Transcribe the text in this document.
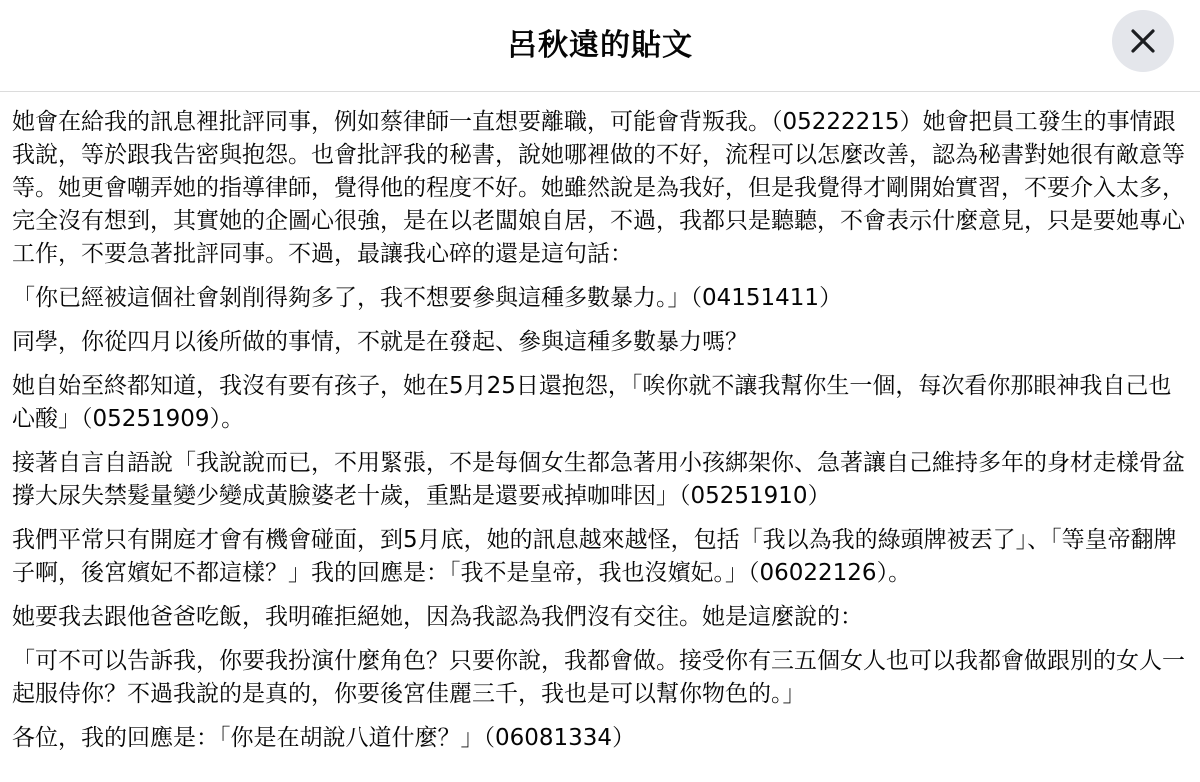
呂秋遠的貼文

她會在給我的訊息裡批評同事，例如蔡律師一直想要離職，可能會背叛我。（05222215）她會把員工發生的事情跟我說，等於跟我告密與抱怨。也會批評我的秘書，說她哪裡做的不好，流程可以怎麼改善，認為秘書對她很有敵意等等。她更會嘲弄她的指導律師，覺得他的程度不好。她雖然說是為我好，但是我覺得才剛開始實習，不要介入太多，完全沒有想到，其實她的企圖心很強，是在以老闆娘自居，不過，我都只是聽聽，不會表示什麼意見，只是要她專心工作，不要急著批評同事。不過，最讓我心碎的還是這句話：

「你已經被這個社會剝削得夠多了，我不想要參與這種多數暴力。」（04151411）

同學，你從四月以後所做的事情，不就是在發起、參與這種多數暴力嗎？

她自始至終都知道，我沒有要有孩子，她在5月25日還抱怨，「唉你就不讓我幫你生一個，每次看你那眼神我自己也心酸」（05251909）。

接著自言自語說「我說說而已，不用緊張，不是每個女生都急著用小孩綁架你、急著讓自己維持多年的身材走樣骨盆撐大尿失禁髮量變少變成黃臉婆老十歲，重點是還要戒掉咖啡因」（05251910）

我們平常只有開庭才會有機會碰面，到5月底，她的訊息越來越怪，包括「我以為我的綠頭牌被丟了」、「等皇帝翻牌子啊，後宮嬪妃不都這樣？」我的回應是：「我不是皇帝，我也沒嬪妃。」（06022126）。

她要我去跟他爸爸吃飯，我明確拒絕她，因為我認為我們沒有交往。她是這麼說的：

「可不可以告訴我，你要我扮演什麼角色？只要你說，我都會做。接受你有三五個女人也可以我都會做跟別的女人一起服侍你？不過我說的是真的，你要後宮佳麗三千，我也是可以幫你物色的。」

各位，我的回應是：「你是在胡說八道什麼？」（06081334）
